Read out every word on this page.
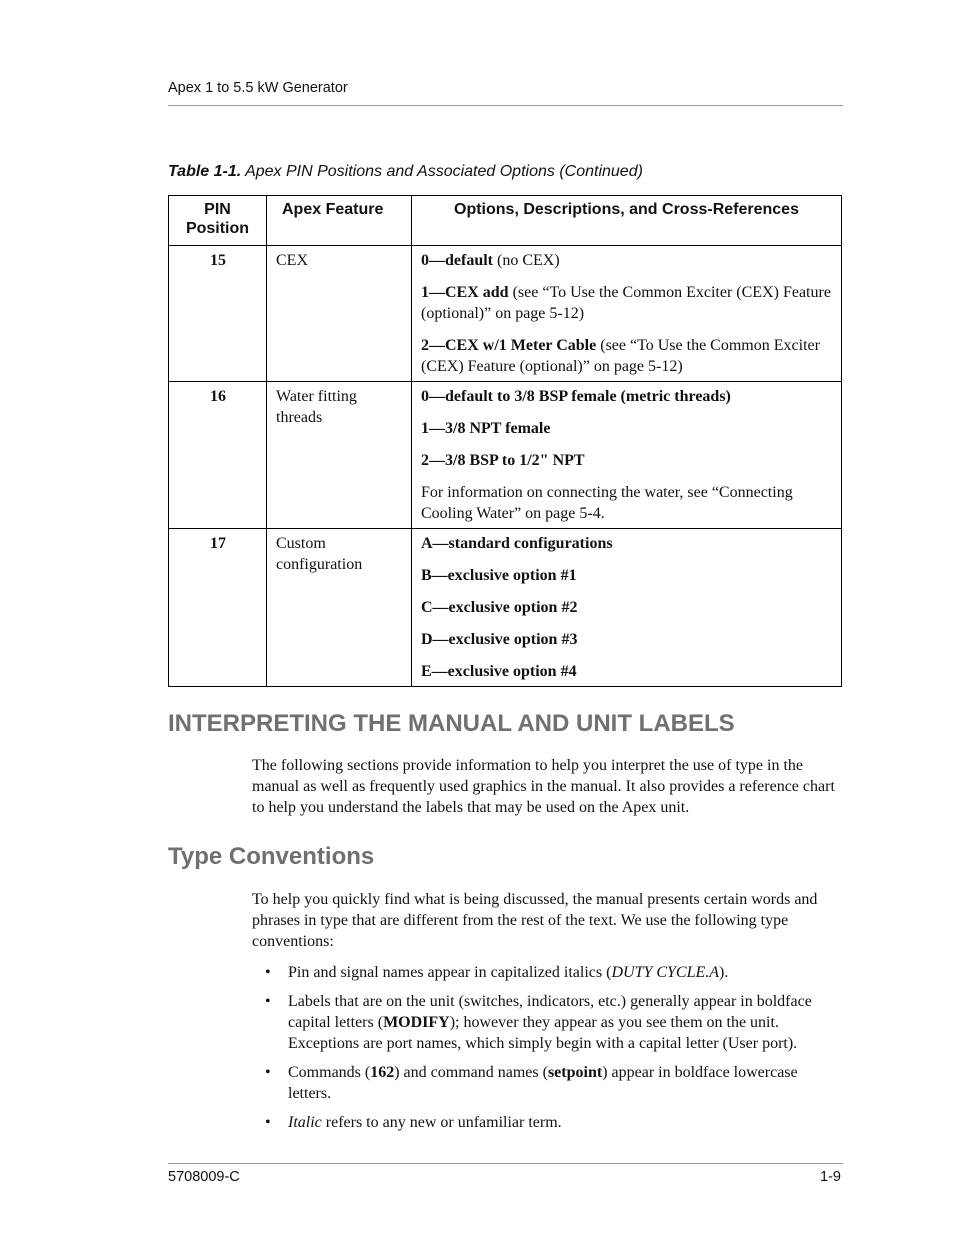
Apex 1 to 5.5 kW Generator
Table 1-1. Apex PIN Positions and Associated Options (Continued)
PIN Position	Apex Feature	Options, Descriptions, and Cross-References
15	CEX	0—default (no CEX)

1—CEX add (see “To Use the Common Exciter (CEX) Feature (optional)” on page 5-12)

2—CEX w/1 Meter Cable (see “To Use the Common Exciter (CEX) Feature (optional)” on page 5-12)

16	Water fitting threads	0—default to 3/8 BSP female (metric threads)

1—3/8 NPT female

2—3/8 BSP to 1/2" NPT

For information on connecting the water, see “Connecting Cooling Water” on page 5-4.

17	Custom configuration	A—standard configurations

B—exclusive option #1

C—exclusive option #2

D—exclusive option #3

E—exclusive option #4

INTERPRETING THE MANUAL AND UNIT LABELS

The following sections provide information to help you interpret the use of type in the manual as well as frequently used graphics in the manual. It also provides a reference chart to help you understand the labels that may be used on the Apex unit.

Type Conventions

To help you quickly find what is being discussed, the manual presents certain words and phrases in type that are different from the rest of the text. We use the following type conventions:

• Pin and signal names appear in capitalized italics (DUTY CYCLE.A).
• Labels that are on the unit (switches, indicators, etc.) generally appear in boldface capital letters (MODIFY); however they appear as you see them on the unit. Exceptions are port names, which simply begin with a capital letter (User port).
• Commands (162) and command names (setpoint) appear in boldface lowercase letters.
• Italic refers to any new or unfamiliar term.
5708009-C	1-9
